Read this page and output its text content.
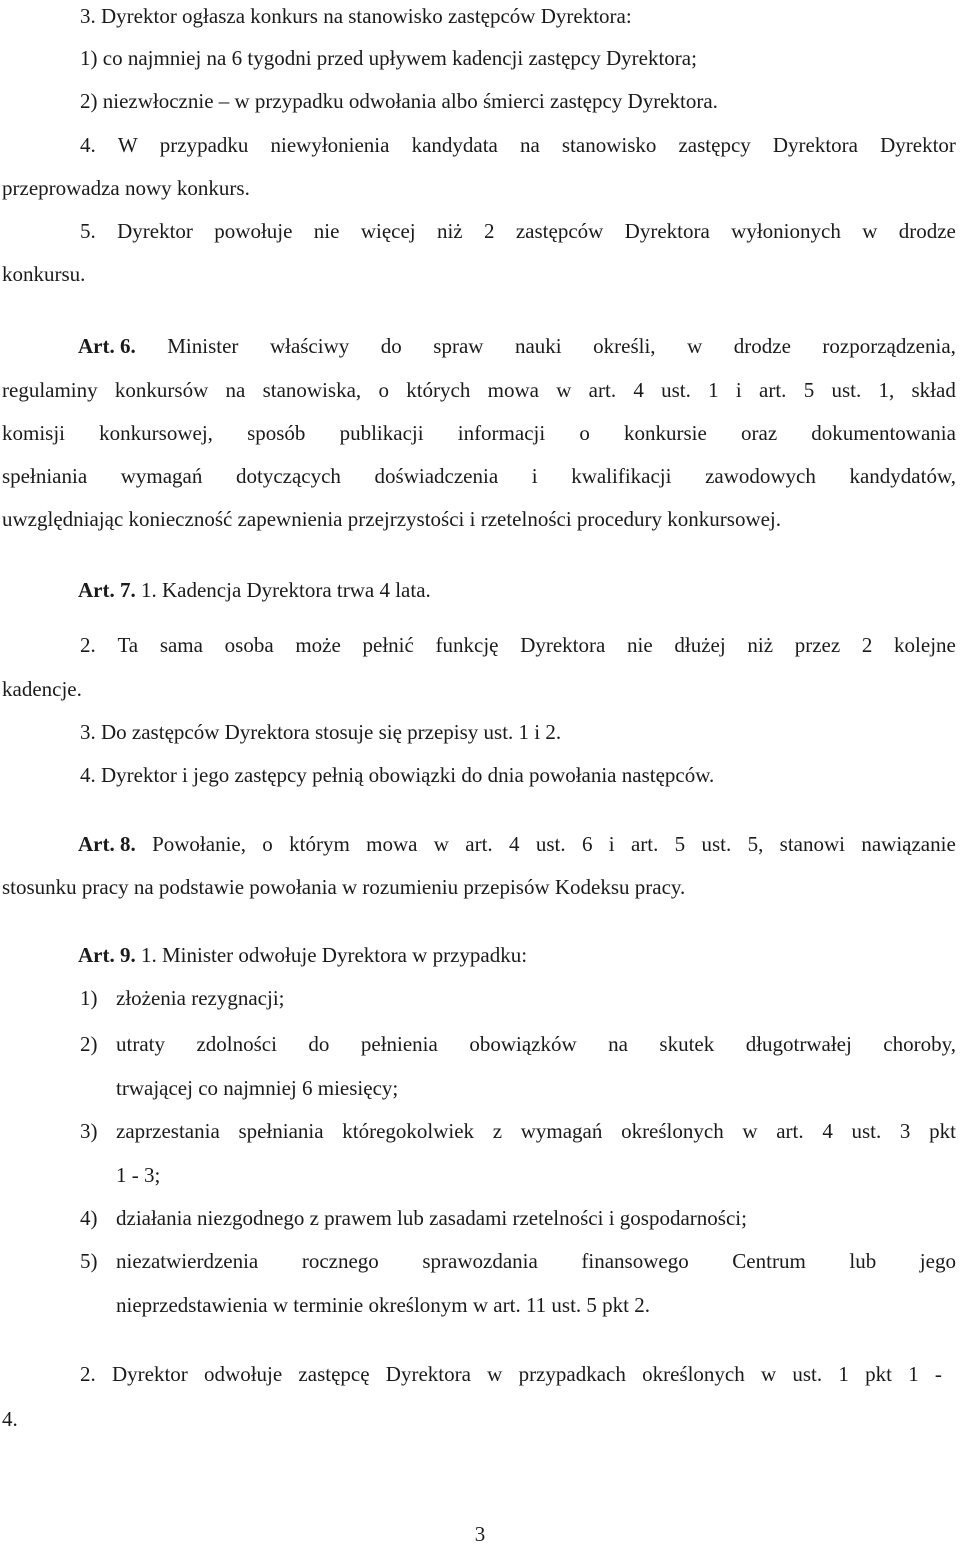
3. Dyrektor ogłasza konkurs na stanowisko zastępców Dyrektora:
1) co najmniej na 6 tygodni przed upływem kadencji zastępcy Dyrektora;
2) niezwłocznie – w przypadku odwołania albo śmierci zastępcy Dyrektora.
4. W przypadku niewyłonienia kandydata na stanowisko zastępcy Dyrektora Dyrektor
przeprowadza nowy konkurs.
5. Dyrektor powołuje nie więcej niż 2 zastępców Dyrektora wyłonionych w drodze
konkursu.
Art. 6. Minister właściwy do spraw nauki określi, w drodze rozporządzenia,
regulaminy konkursów na stanowiska, o których mowa w art. 4 ust. 1 i art. 5 ust. 1, skład
komisji konkursowej, sposób publikacji informacji o konkursie oraz dokumentowania
spełniania wymagań dotyczących doświadczenia i kwalifikacji zawodowych kandydatów,
uwzględniając konieczność zapewnienia przejrzystości i rzetelności procedury konkursowej.
Art. 7. 1. Kadencja Dyrektora trwa 4 lata.
2. Ta sama osoba może pełnić funkcję Dyrektora nie dłużej niż przez 2 kolejne
kadencje.
3. Do zastępców Dyrektora stosuje się przepisy ust. 1 i 2.
4. Dyrektor i jego zastępcy pełnią obowiązki do dnia powołania następców.
Art. 8. Powołanie, o którym mowa w art. 4 ust. 6 i art. 5 ust. 5, stanowi nawiązanie
stosunku pracy na podstawie powołania w rozumieniu przepisów Kodeksu pracy.
Art. 9. 1. Minister odwołuje Dyrektora w przypadku:
1) złożenia rezygnacji;
2) utraty zdolności do pełnienia obowiązków na skutek długotrwałej choroby,
trwającej co najmniej 6 miesięcy;
3) zaprzestania spełniania któregokolwiek z wymagań określonych w art. 4 ust. 3 pkt
1 - 3;
4) działania niezgodnego z prawem lub zasadami rzetelności i gospodarności;
5) niezatwierdzenia rocznego sprawozdania finansowego Centrum lub jego
nieprzedstawienia w terminie określonym w art. 11 ust. 5 pkt 2.
2. Dyrektor odwołuje zastępcę Dyrektora w przypadkach określonych w ust. 1 pkt 1 -
4.
3
